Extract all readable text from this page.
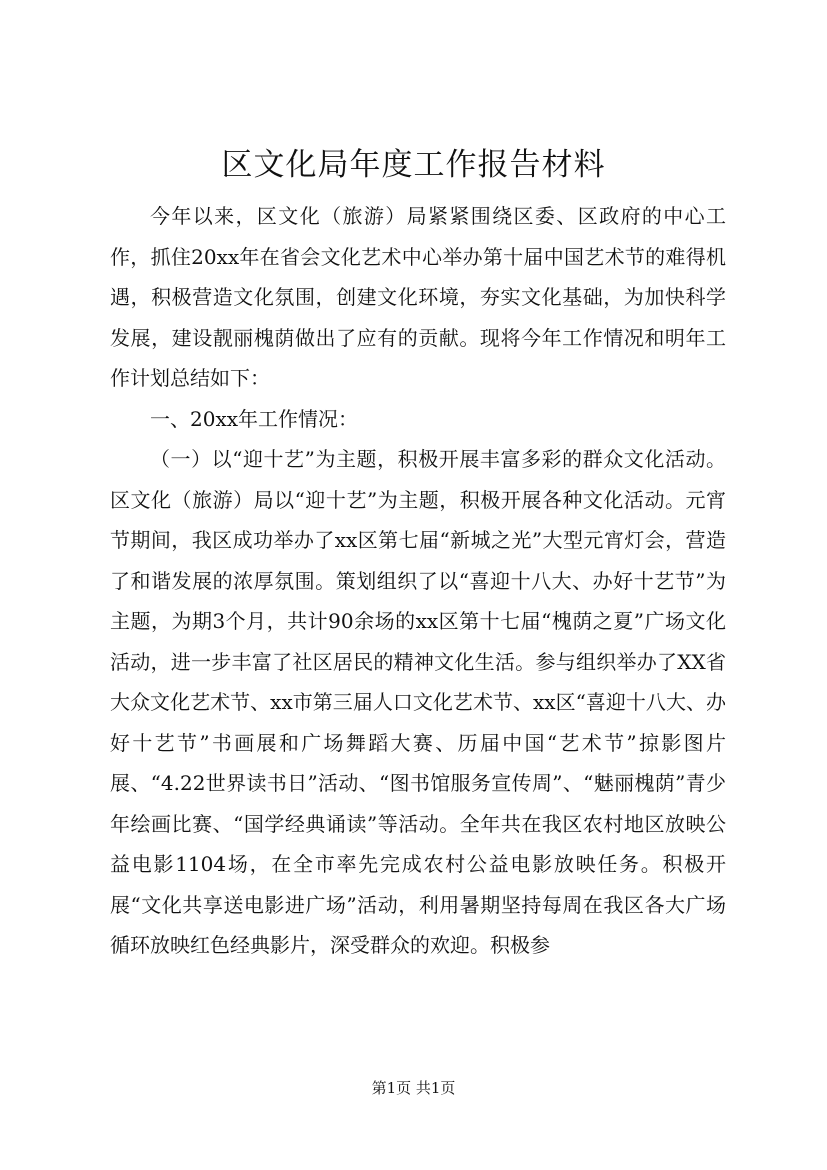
区文化局年度工作报告材料

今年以来，区文化（旅游）局紧紧围绕区委、区政府的中心工作，抓住20xx年在省会文化艺术中心举办第十届中国艺术节的难得机遇，积极营造文化氛围，创建文化环境，夯实文化基础，为加快科学发展，建设靓丽槐荫做出了应有的贡献。现将今年工作情况和明年工作计划总结如下：

一、20xx年工作情况：

（一）以“迎十艺”为主题，积极开展丰富多彩的群众文化活动。区文化（旅游）局以“迎十艺”为主题，积极开展各种文化活动。元宵节期间，我区成功举办了xx区第七届“新城之光”大型元宵灯会，营造了和谐发展的浓厚氛围。策划组织了以“喜迎十八大、办好十艺节”为主题，为期3个月，共计90余场的xx区第十七届“槐荫之夏”广场文化活动，进一步丰富了社区居民的精神文化生活。参与组织举办了XX省大众文化艺术节、xx市第三届人口文化艺术节、xx区“喜迎十八大、办好十艺节”书画展和广场舞蹈大赛、历届中国“艺术节”掠影图片展、“4.22世界读书日”活动、“图书馆服务宣传周”、“魅丽槐荫”青少年绘画比赛、“国学经典诵读”等活动。全年共在我区农村地区放映公益电影1104场，在全市率先完成农村公益电影放映任务。积极开展“文化共享送电影进广场”活动，利用暑期坚持每周在我区各大广场循环放映红色经典影片，深受群众的欢迎。积极参

第1页 共1页
